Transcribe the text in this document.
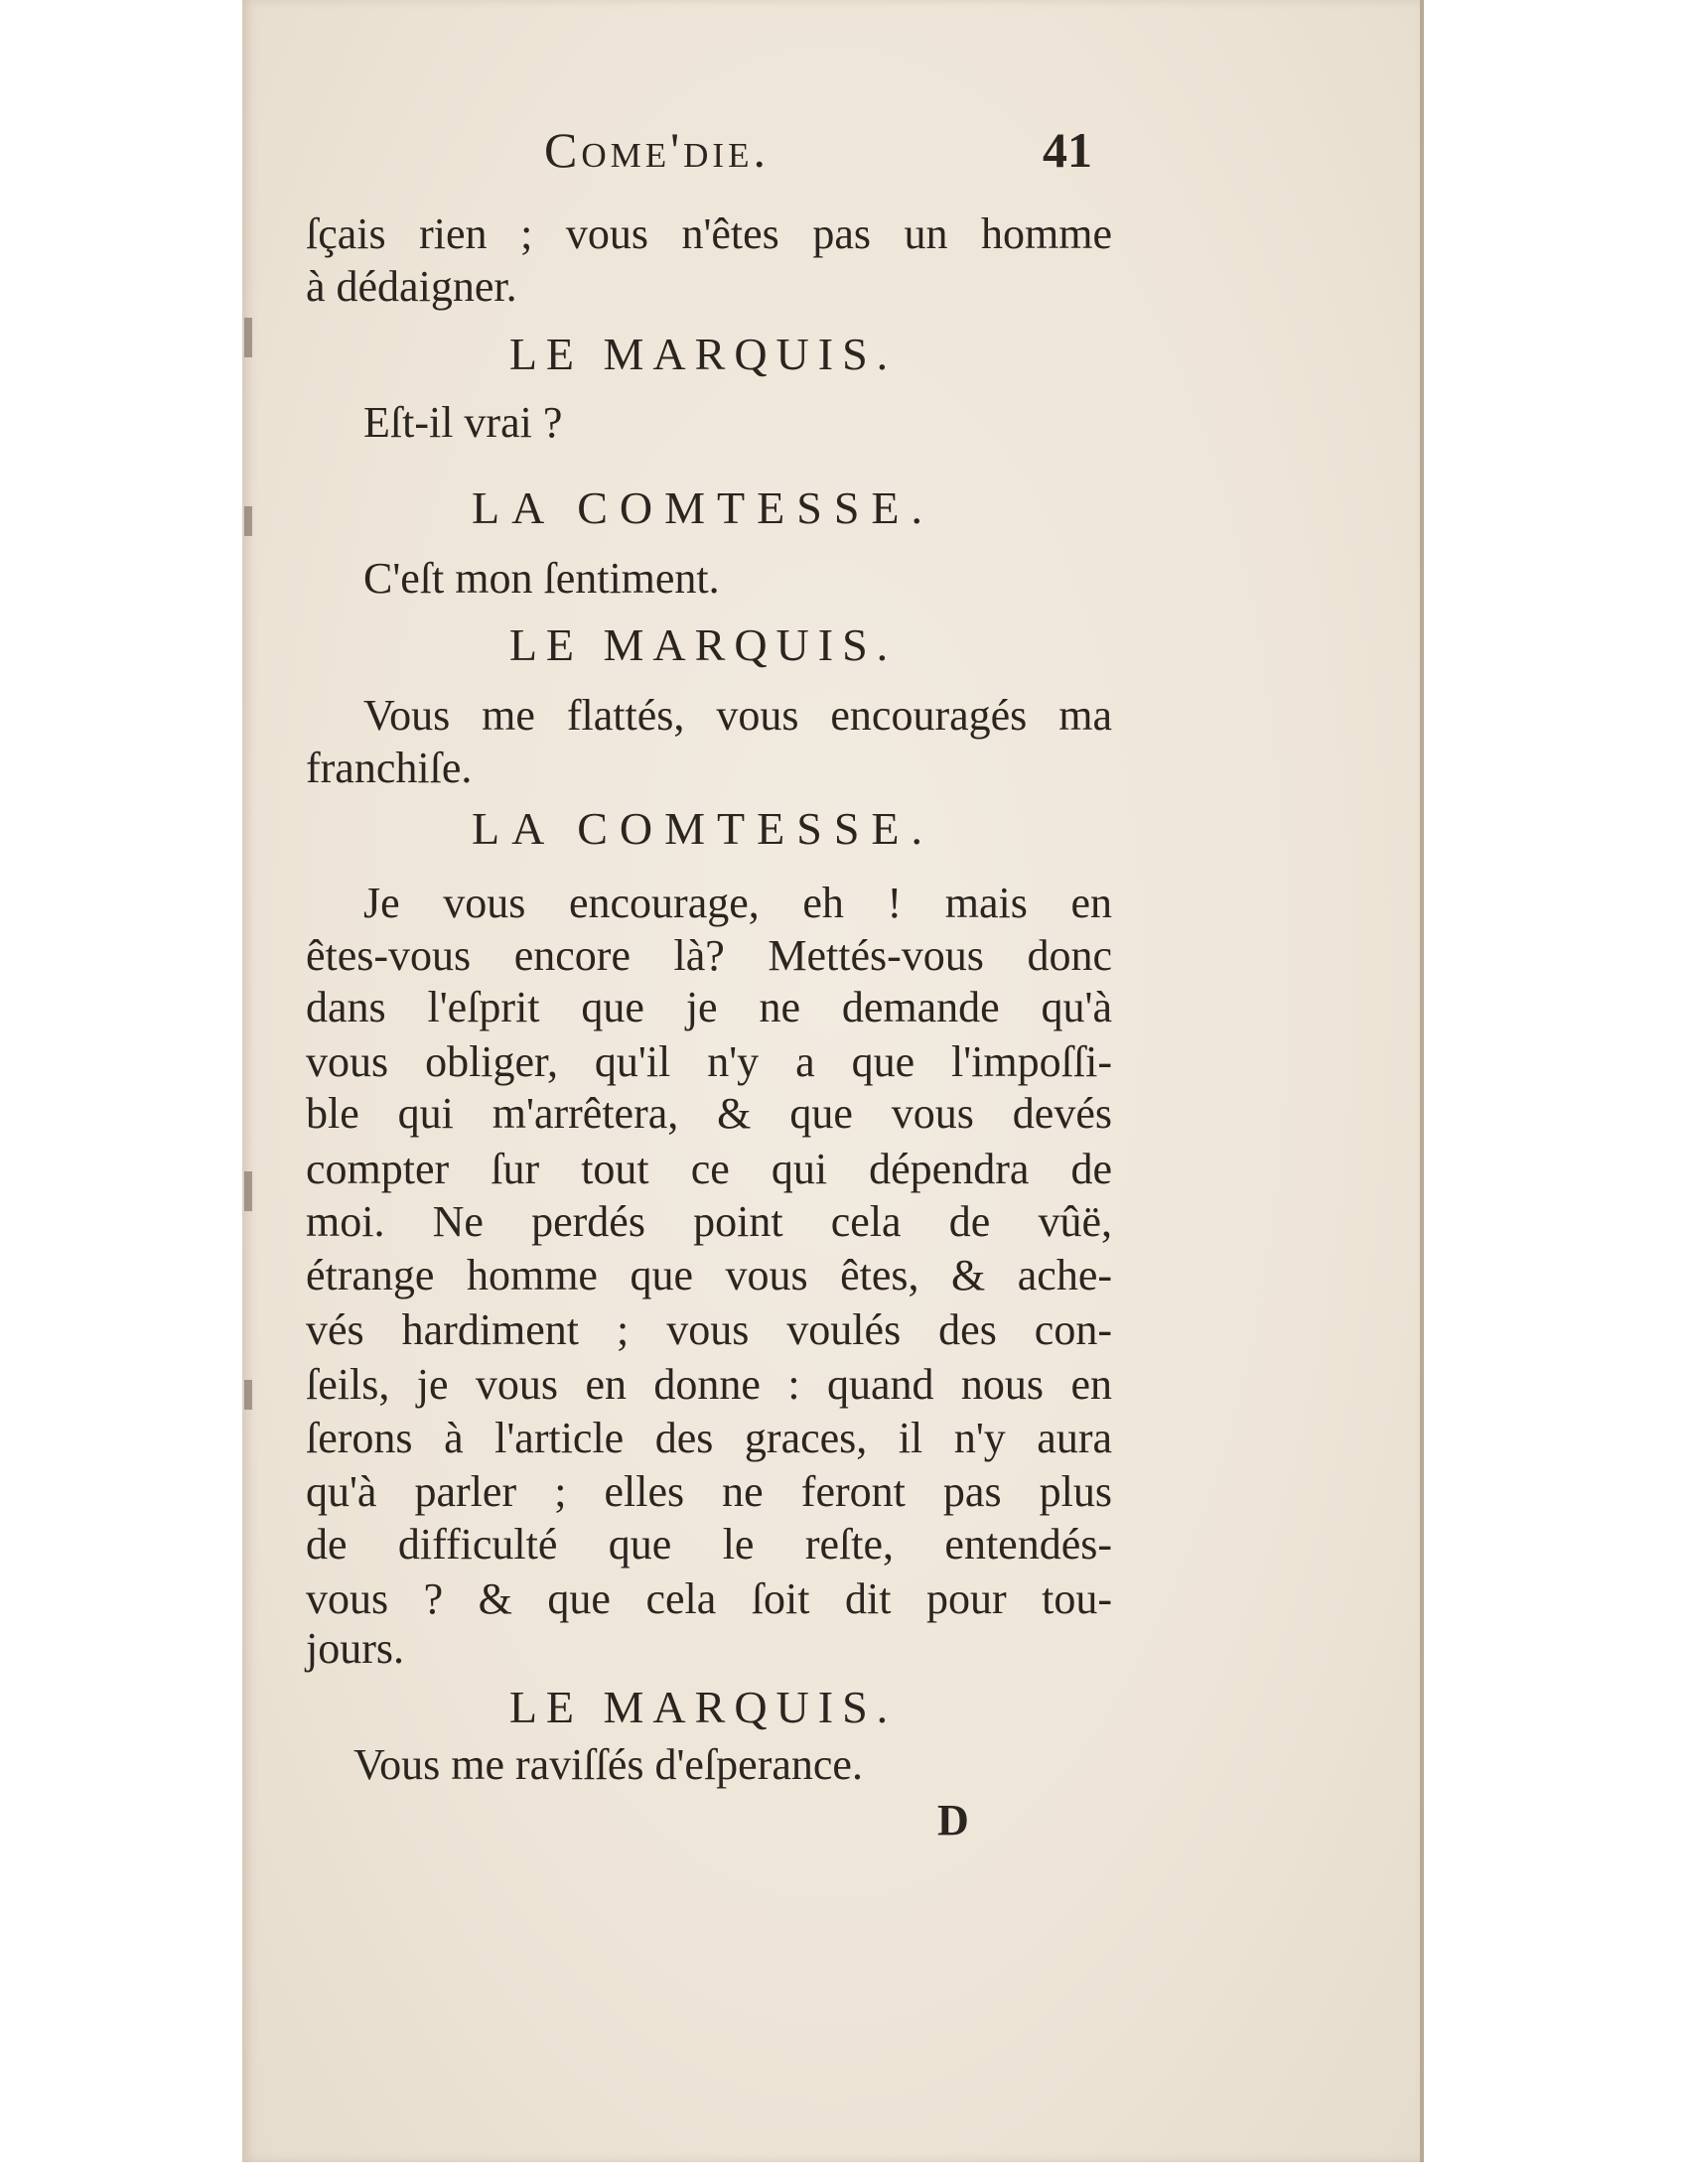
Come'die.	41
ſçais rien ; vous n'êtes pas un homme
à dédaigner.
LE MARQUIS.
Eſt-il vrai ?
LA COMTESSE.
C'eſt mon ſentiment.
LE MARQUIS.
Vous me flattés, vous encouragés ma
franchiſe.
LA COMTESSE.
Je vous encourage, eh ! mais en
êtes-vous encore là? Mettés-vous donc
dans l'eſprit que je ne demande qu'à
vous obliger, qu'il n'y a que l'impoſſi-
ble qui m'arrêtera, & que vous devés
compter ſur tout ce qui dépendra de
moi. Ne perdés point cela de vûë,
étrange homme que vous êtes, & ache-
vés hardiment ; vous voulés des con-
ſeils, je vous en donne : quand nous en
ſerons à l'article des graces, il n'y aura
qu'à parler ; elles ne feront pas plus
de difficulté que le reſte, entendés-
vous ? & que cela ſoit dit pour tou-
jours.
LE MARQUIS.
Vous me raviſſés d'eſperance.
D
